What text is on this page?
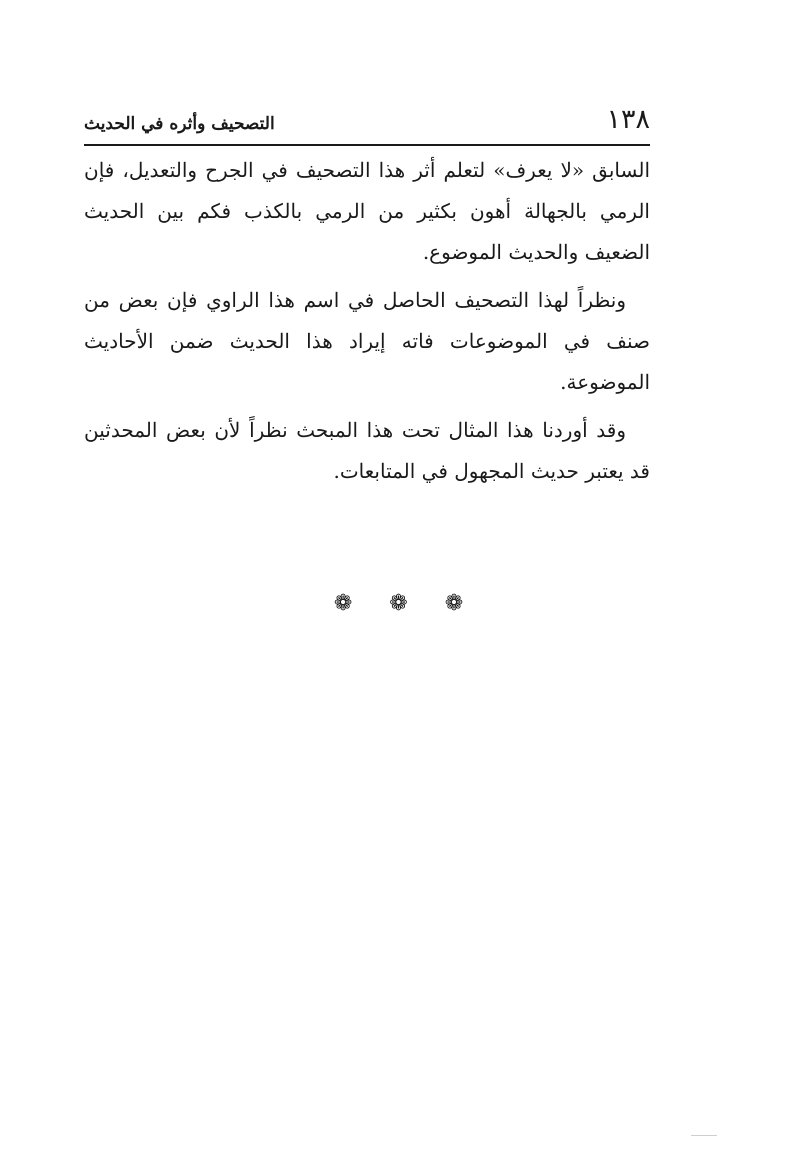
١٣٨
التصحيف وأثره في الحديث

السابق «لا يعرف» لتعلم أثر هذا التصحيف في الجرح والتعديل، فإن الرمي بالجهالة أهون بكثير من الرمي بالكذب فكم بين الحديث الضعيف والحديث الموضوع.

ونظراً لهذا التصحيف الحاصل في اسم هذا الراوي فإن بعض من صنف في الموضوعات فاته إيراد هذا الحديث ضمن الأحاديث الموضوعة.

وقد أوردنا هذا المثال تحت هذا المبحث نظراً لأن بعض المحدثين قد يعتبر حديث المجهول في المتابعات.

❁ ❁ ❁
